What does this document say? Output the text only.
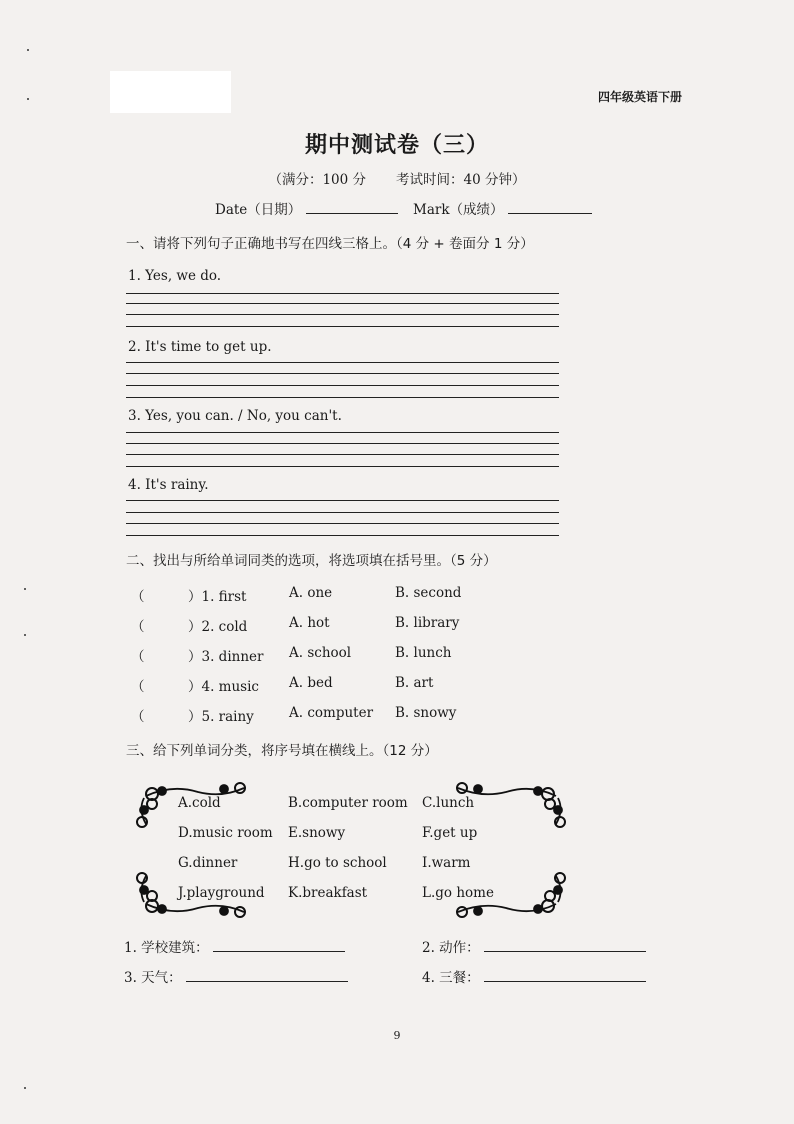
四年级英语下册
期中测试卷（三）
（满分：100 分 考试时间：40 分钟）
Date（日期）	Mark（成绩）
一、请将下列句子正确地书写在四线三格上。（4 分 + 卷面分 1 分）
1. Yes, we do.
2. It's time to get up.
3. Yes, you can. / No, you can't.
4. It's rainy.
二、找出与所给单词同类的选项，将选项填在括号里。（5 分）
（	）1. first	A. one	B. second
（	）2. cold	A. hot	B. library
（	）3. dinner A. school	B. lunch
（	）4. music A. bed	B. art
（	）5. rainy	A. computer B. snowy
三、给下列单词分类，将序号填在横线上。（12 分）
A.cold	B.computer room C.lunch
D.music room E.snowy	F.get up
G.dinner	H.go to school	I.warm
J.playground K.breakfast	L.go home
1. 学校建筑：	2. 动作：
3. 天气：	4. 三餐：
9
